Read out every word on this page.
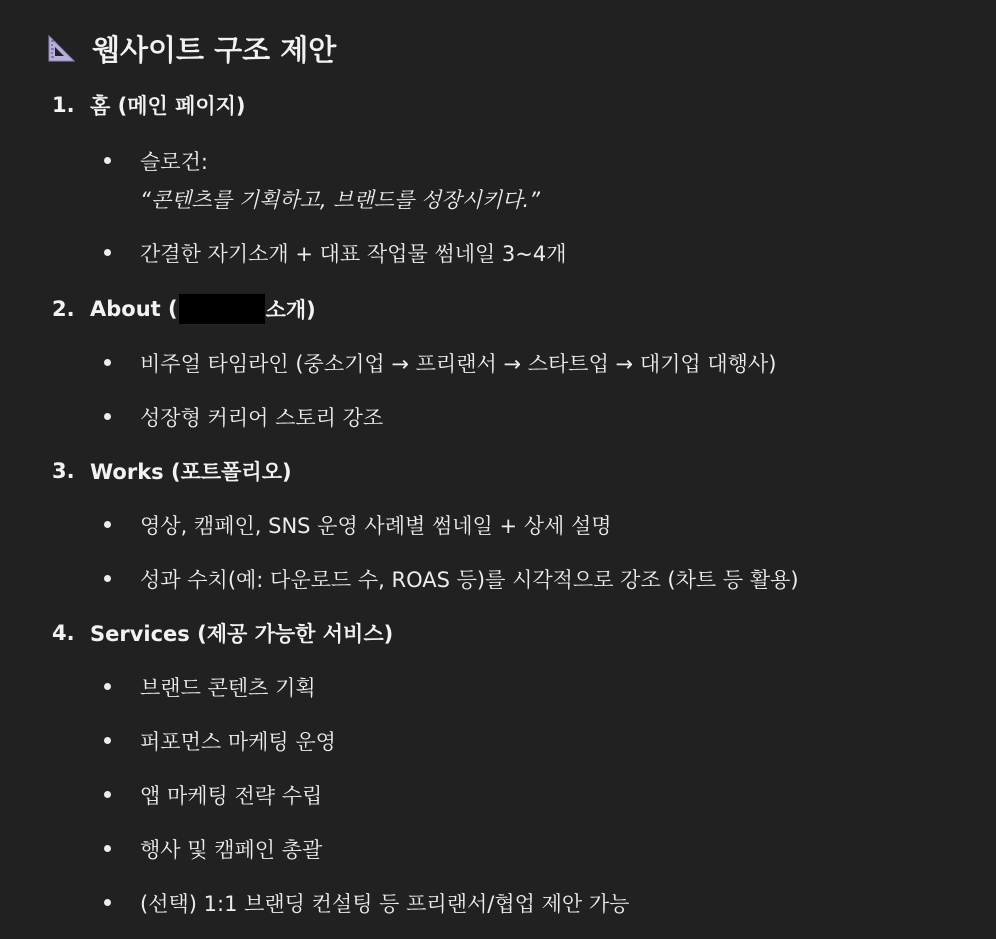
웹사이트 구조 제안
1. 홈 (메인 페이지)
슬로건:
“콘텐츠를 기획하고, 브랜드를 성장시키다.”
간결한 자기소개 + 대표 작업물 썸네일 3~4개
2. About (	소개)
비주얼 타임라인 (중소기업 → 프리랜서 → 스타트업 → 대기업 대행사)
성장형 커리어 스토리 강조
3. Works (포트폴리오)
영상, 캠페인, SNS 운영 사례별 썸네일 + 상세 설명
성과 수치(예: 다운로드 수, ROAS 등)를 시각적으로 강조 (차트 등 활용)
4. Services (제공 가능한 서비스)
브랜드 콘텐츠 기획
퍼포먼스 마케팅 운영
앱 마케팅 전략 수립
행사 및 캠페인 총괄
(선택) 1:1 브랜딩 컨설팅 등 프리랜서/협업 제안 가능
